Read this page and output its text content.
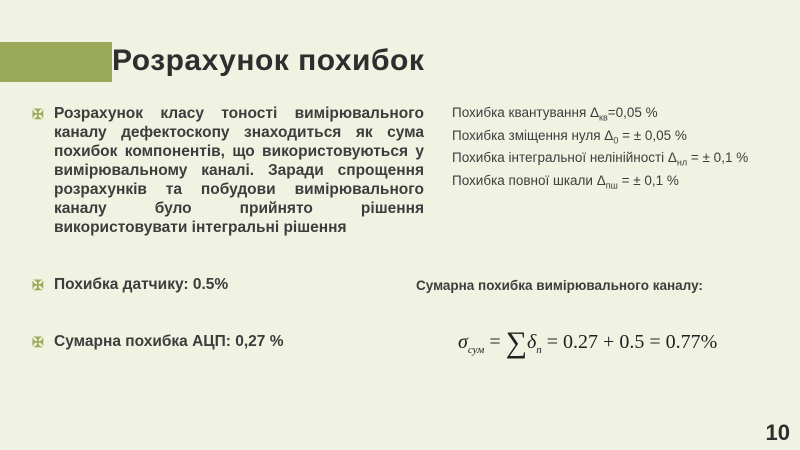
Розрахунок похибок
✠ Розрахунок класу тоності вимірювального каналу дефектоскопу знаходиться як сума похибок компонентів, що використовуються у вимірювальному каналі. Заради спрощення розрахунків та побудови вимірювального каналу було прийнято рішення використовувати інтегральні рішення
✠ Похибка датчику: 0.5%
✠ Сумарна похибка АЦП: 0,27 %
Похибка квантування $\Delta_{кв}=0,05$ %
Похибка зміщення нуля $\Delta_0$ = ± 0,05 %
Похибка інтегральної нелінійності $\Delta_{нл}$ = ± 0,1 %
Похибка повної шкали $\Delta_{пш}$ = ± 0,1 %
Сумарна похибка вимірювального каналу:
$\sigma_{сум} = \sum\delta_n = 0.27 + 0.5 = 0.77\%$
10
